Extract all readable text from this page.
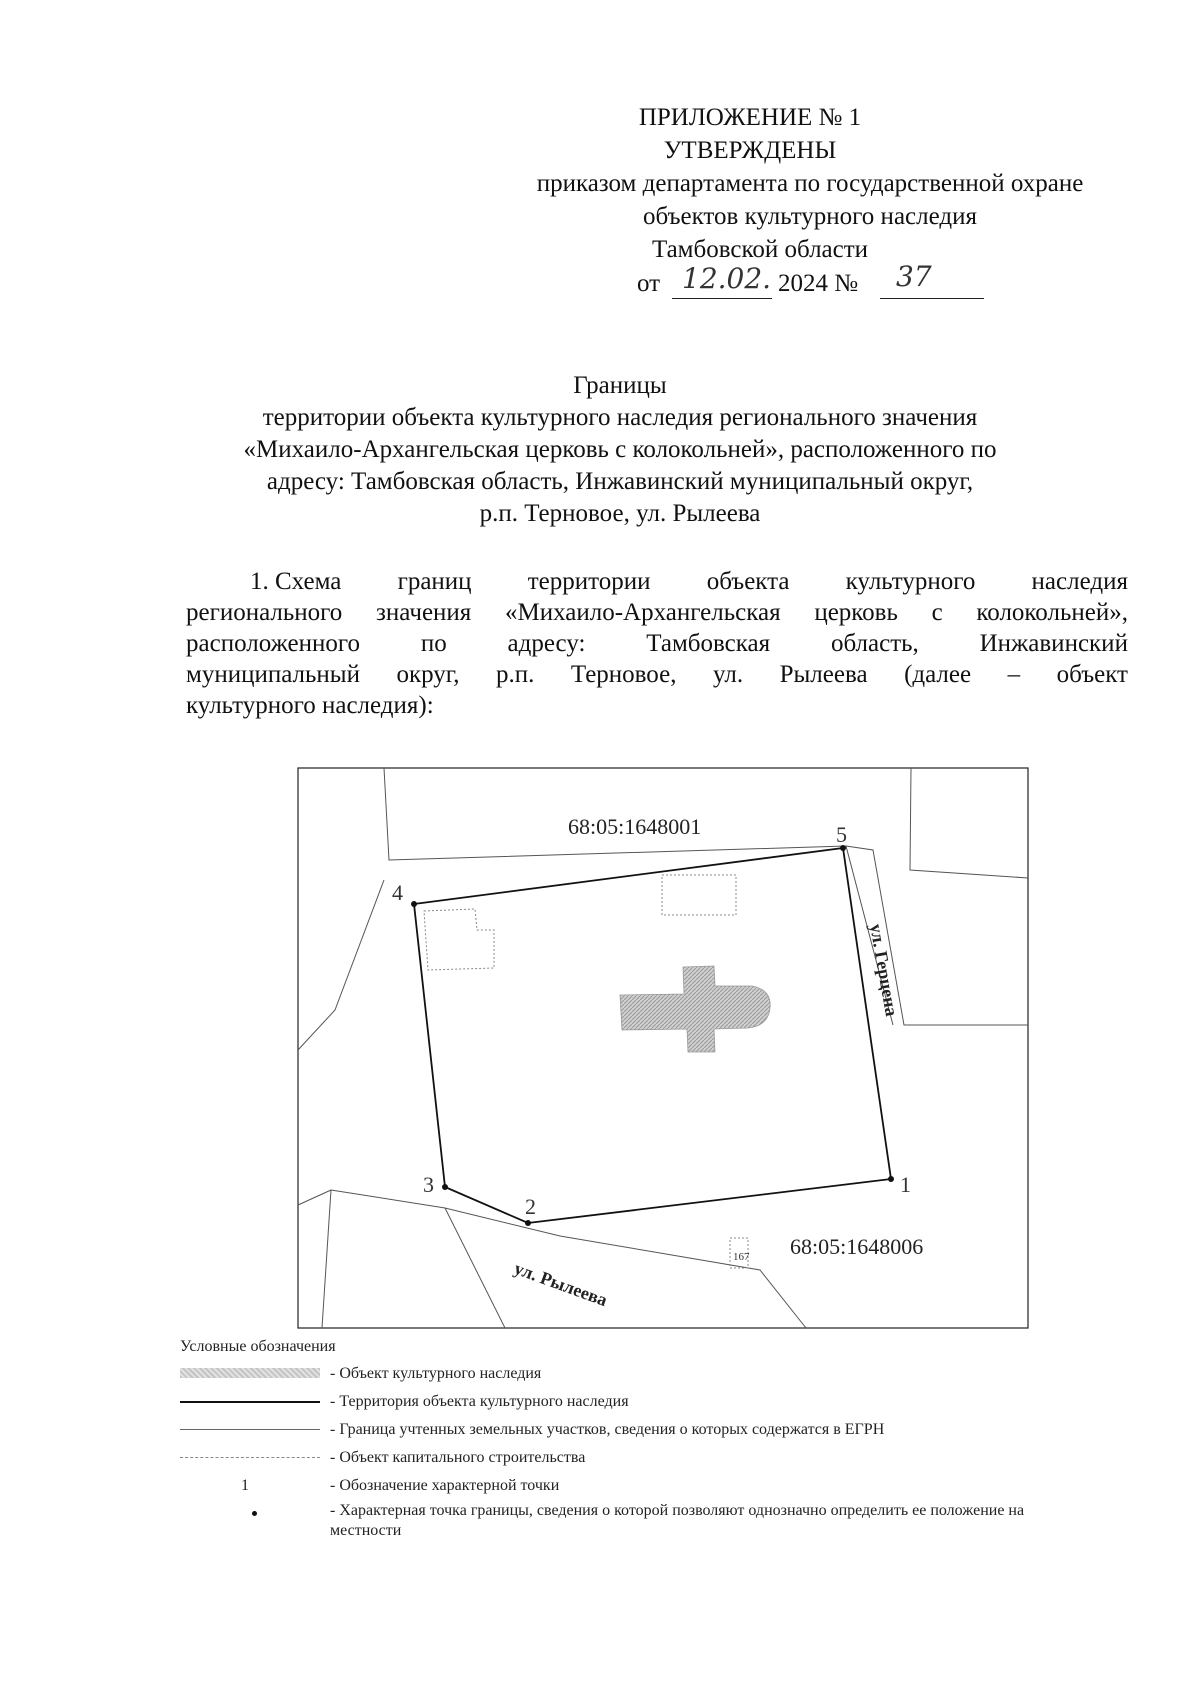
ПРИЛОЖЕНИЕ № 1
УТВЕРЖДЕНЫ
приказом департамента по государственной охране
объектов культурного наследия
Тамбовской области
от 12.02. 2024 № 37
Границы
территории объекта культурного наследия регионального значения
«Михаило-Архангельская церковь с колокольней», расположенного по
адресу: Тамбовская область, Инжавинский муниципальный округ,
р.п. Терновое, ул. Рылеева
1. Схема границ территории объекта культурного наследия
регионального значения «Михаило-Архангельская церковь с колокольней»,
расположенного по адресу: Тамбовская область, Инжавинский
муниципальный округ, р.п. Терновое, ул. Рылеева (далее – объект
культурного наследия):
1
2
3
4
5
68:05:1648001
68:05:1648006
167
ул. Герцена
ул. Рылеева
Условные обозначения
- Объект культурного наследия
- Территория объекта культурного наследия
- Граница учтенных земельных участков, сведения о которых содержатся в ЕГРН
- Объект капитального строительства
1	- Обозначение характерной точки
- Характерная точка границы, сведения о которой позволяют однозначно определить ее положение на местности
